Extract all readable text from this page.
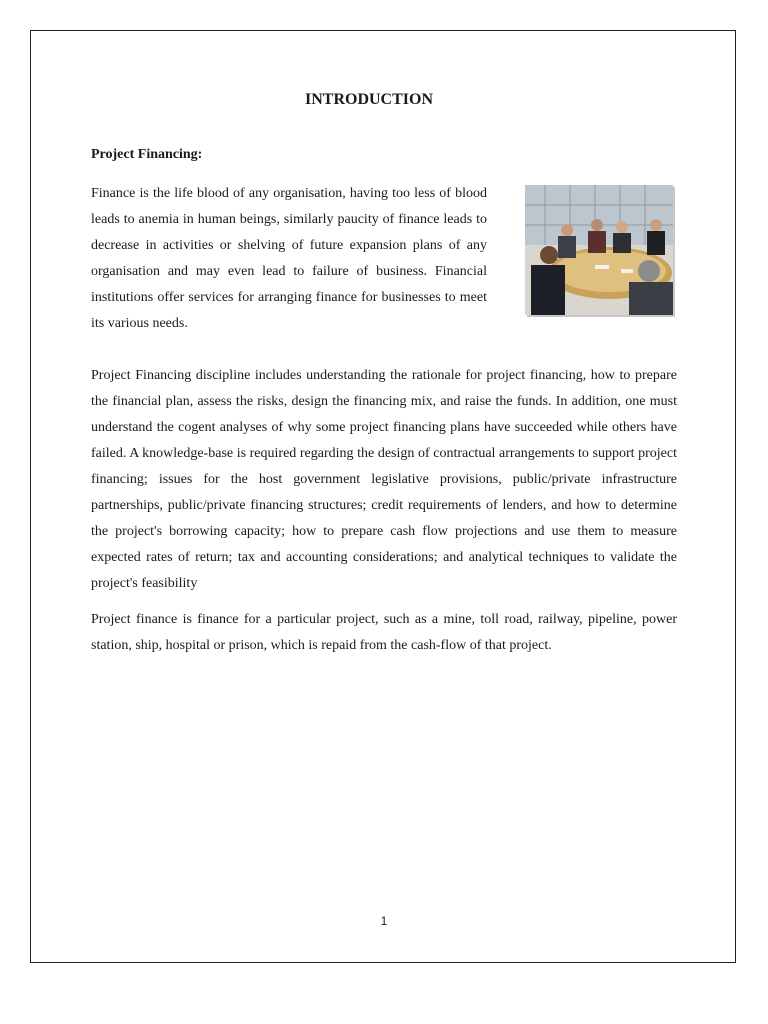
INTRODUCTION
Project Financing:
Finance is the life blood of any organisation, having too less of blood leads to anemia in human beings, similarly paucity of finance leads to decrease in activities or shelving of future expansion plans of any organisation and may even lead to failure of business. Financial institutions offer services for arranging finance for businesses to meet its various needs.
Project Financing discipline includes understanding the rationale for project financing, how to prepare the financial plan, assess the risks, design the financing mix, and raise the funds. In addition, one must understand the cogent analyses of why some project financing plans have succeeded while others have failed. A knowledge-base is required regarding the design of contractual arrangements to support project financing; issues for the host government legislative provisions, public/private infrastructure partnerships, public/private financing structures; credit requirements of lenders, and how to determine the project's borrowing capacity; how to prepare cash flow projections and use them to measure expected rates of return; tax and accounting considerations; and analytical techniques to validate the project's feasibility
Project finance is finance for a particular project, such as a mine, toll road, railway, pipeline, power station, ship, hospital or prison, which is repaid from the cash-flow of that project.
1
